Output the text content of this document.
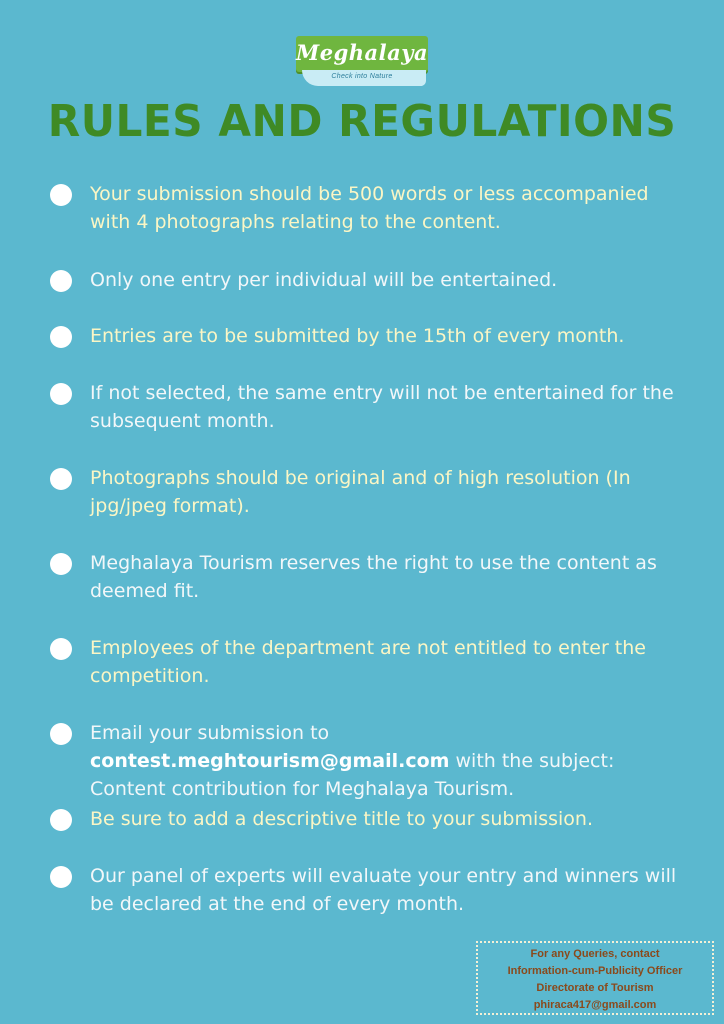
Meghalaya
Check into Nature
RULES AND REGULATIONS
Your submission should be 500 words or less accompanied with 4 photographs relating to the content.
Only one entry per individual will be entertained.
Entries are to be submitted by the 15th of every month.
If not selected, the same entry will not be entertained for the subsequent month.
Photographs should be original and of high resolution (In jpg/jpeg format).
Meghalaya Tourism reserves the right to use the content as deemed fit.
Employees of the department are not entitled to enter the competition.
Email your submission to contest.meghtourism@gmail.com with the subject: Content contribution for Meghalaya Tourism.
Be sure to add a descriptive title to your submission.
Our panel of experts will evaluate your entry and winners will be declared at the end of every month.
For any Queries, contact
Information-cum-Publicity Officer
Directorate of Tourism
phiraca417@gmail.com
